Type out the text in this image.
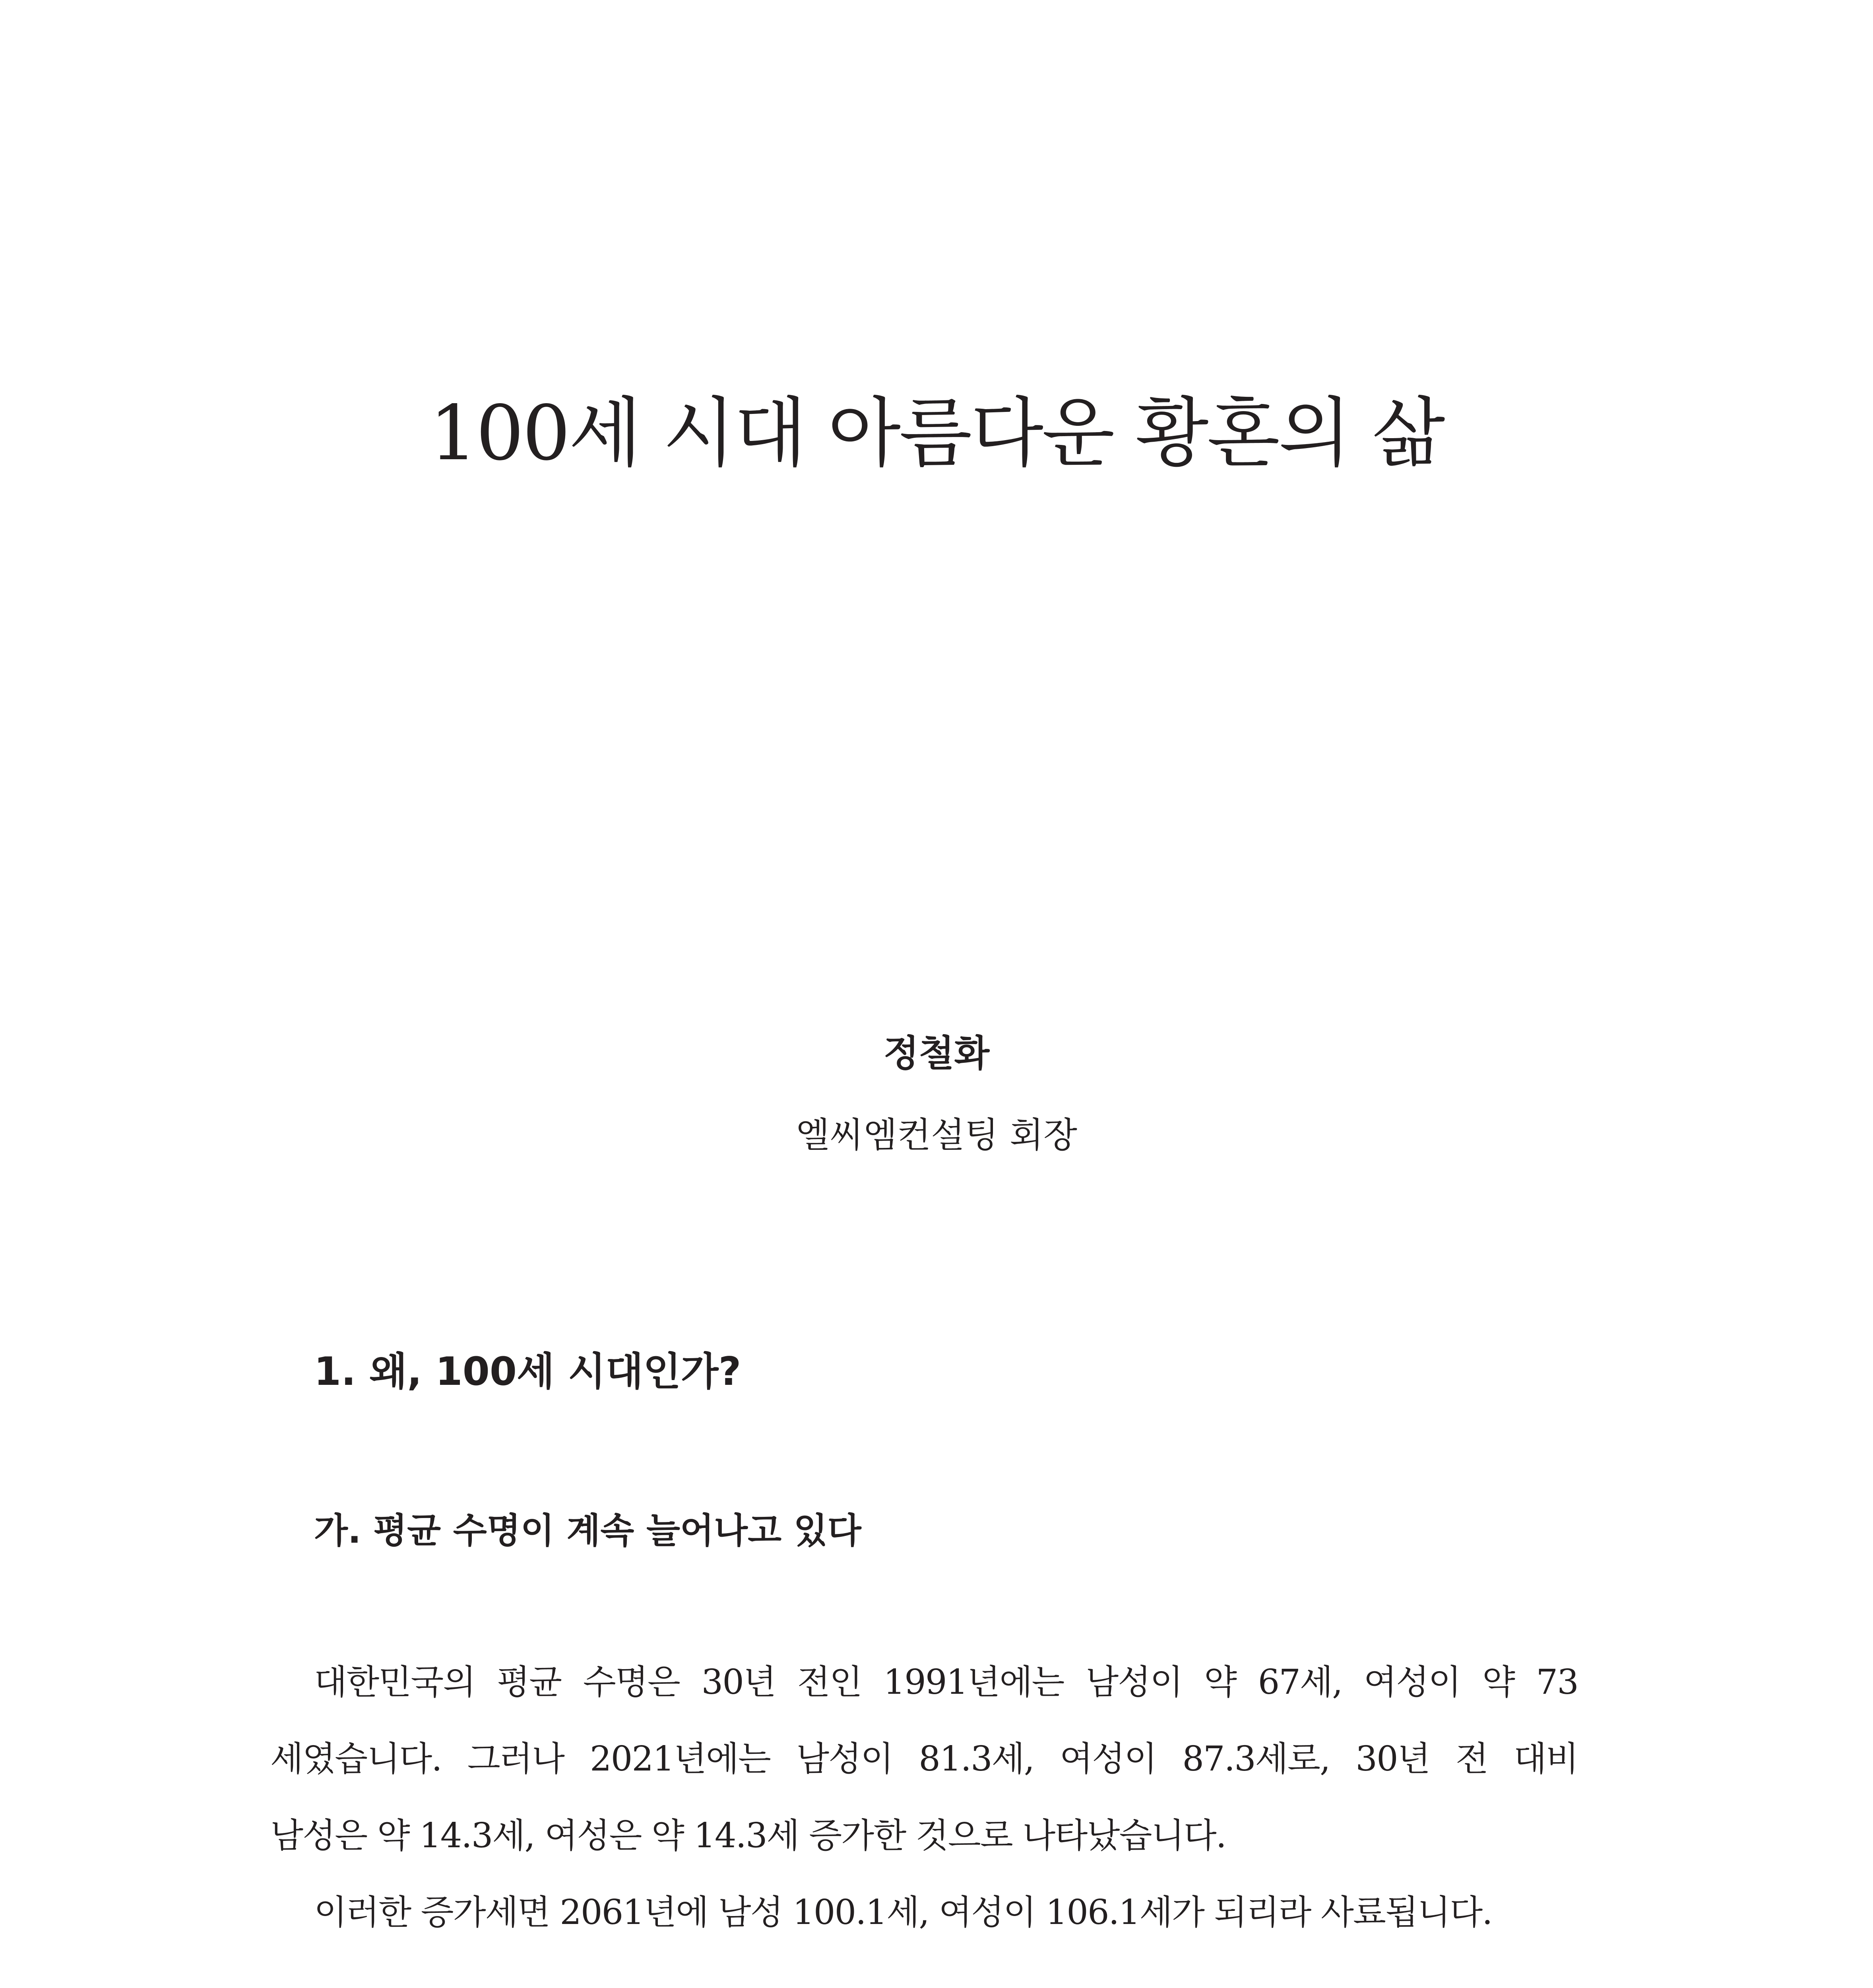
100세 시대 아름다운 황혼의 삶
정철화
엘씨엠컨설팅 회장
1. 왜, 100세 시대인가?
가. 평균 수명이 계속 늘어나고 있다
대한민국의 평균 수명은 30년 전인 1991년에는 남성이 약 67세, 여성이 약 73
세였습니다. 그러나 2021년에는 남성이 81.3세, 여성이 87.3세로, 30년 전 대비
남성은 약 14.3세, 여성은 약 14.3세 증가한 것으로 나타났습니다.
이러한 증가세면 2061년에 남성 100.1세, 여성이 106.1세가 되리라 사료됩니다.
